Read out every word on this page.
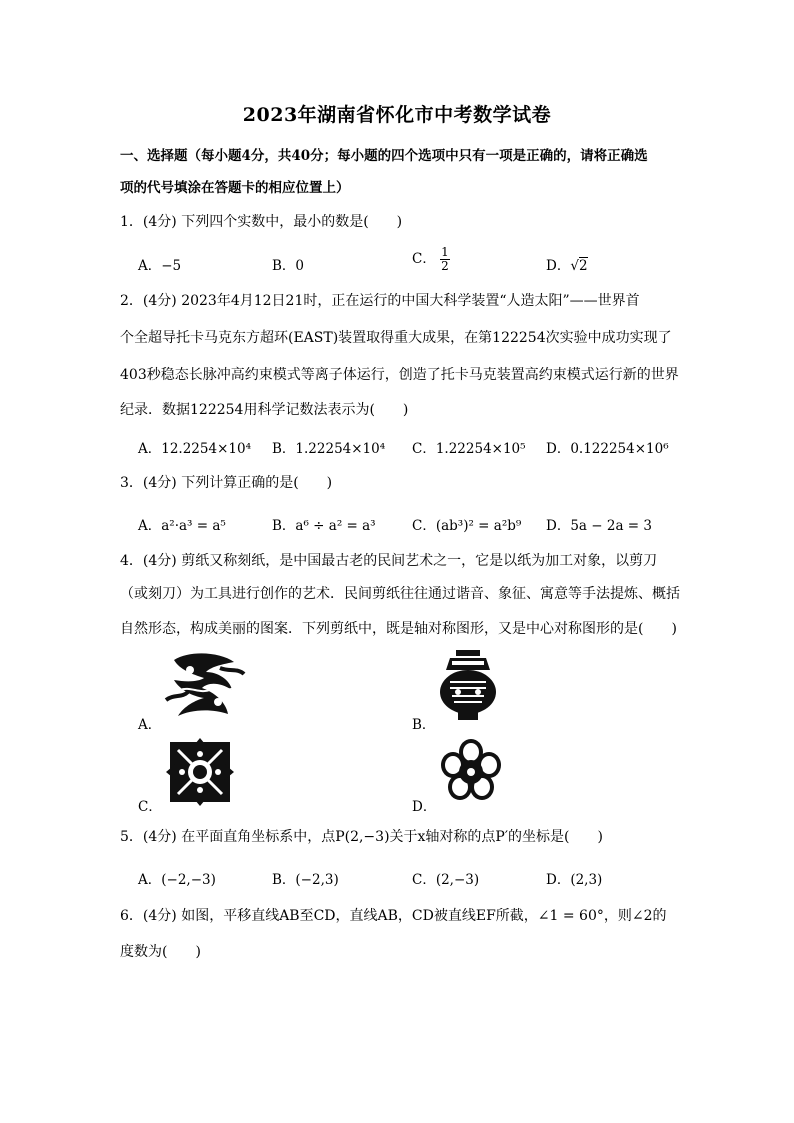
2023年湖南省怀化市中考数学试卷
一、选择题（每小题4分，共40分；每小题的四个选项中只有一项是正确的，请将正确选
项的代号填涂在答题卡的相应位置上）
1．(4分) 下列四个实数中，最小的数是(　　)
A．−5	B．0	C． $\frac{1}{2}$	D．√2
2．(4分) 2023年4月12日21时，正在运行的中国大科学装置“人造太阳”——世界首
个全超导托卡马克东方超环(EAST)装置取得重大成果，在第122254次实验中成功实现了
403秒稳态长脉冲高约束模式等离子体运行，创造了托卡马克装置高约束模式运行新的世界
纪录．数据122254用科学记数法表示为(　　)
A．12.2254×10⁴ B．1.22254×10⁴ C．1.22254×10⁵ D．0.122254×10⁶
3．(4分) 下列计算正确的是(　　)
A．a²·a³ = a⁵	B．a⁶ ÷ a² = a³	C．(ab³)² = a²b⁹ D．5a − 2a = 3
4．(4分) 剪纸又称刻纸，是中国最古老的民间艺术之一，它是以纸为加工对象，以剪刀
（或刻刀）为工具进行创作的艺术．民间剪纸往往通过谐音、象征、寓意等手法提炼、概括
自然形态，构成美丽的图案．下列剪纸中，既是轴对称图形，又是中心对称图形的是(　　)
A．	B．
C．	D．
5．(4分) 在平面直角坐标系中，点P(2,−3)关于x轴对称的点P′的坐标是(　　)
A．(−2,−3)	B．(−2,3)	C．(2,−3)	D．(2,3)
6．(4分) 如图，平移直线AB至CD，直线AB，CD被直线EF所截，∠1 = 60°，则∠2的
度数为(　　)
